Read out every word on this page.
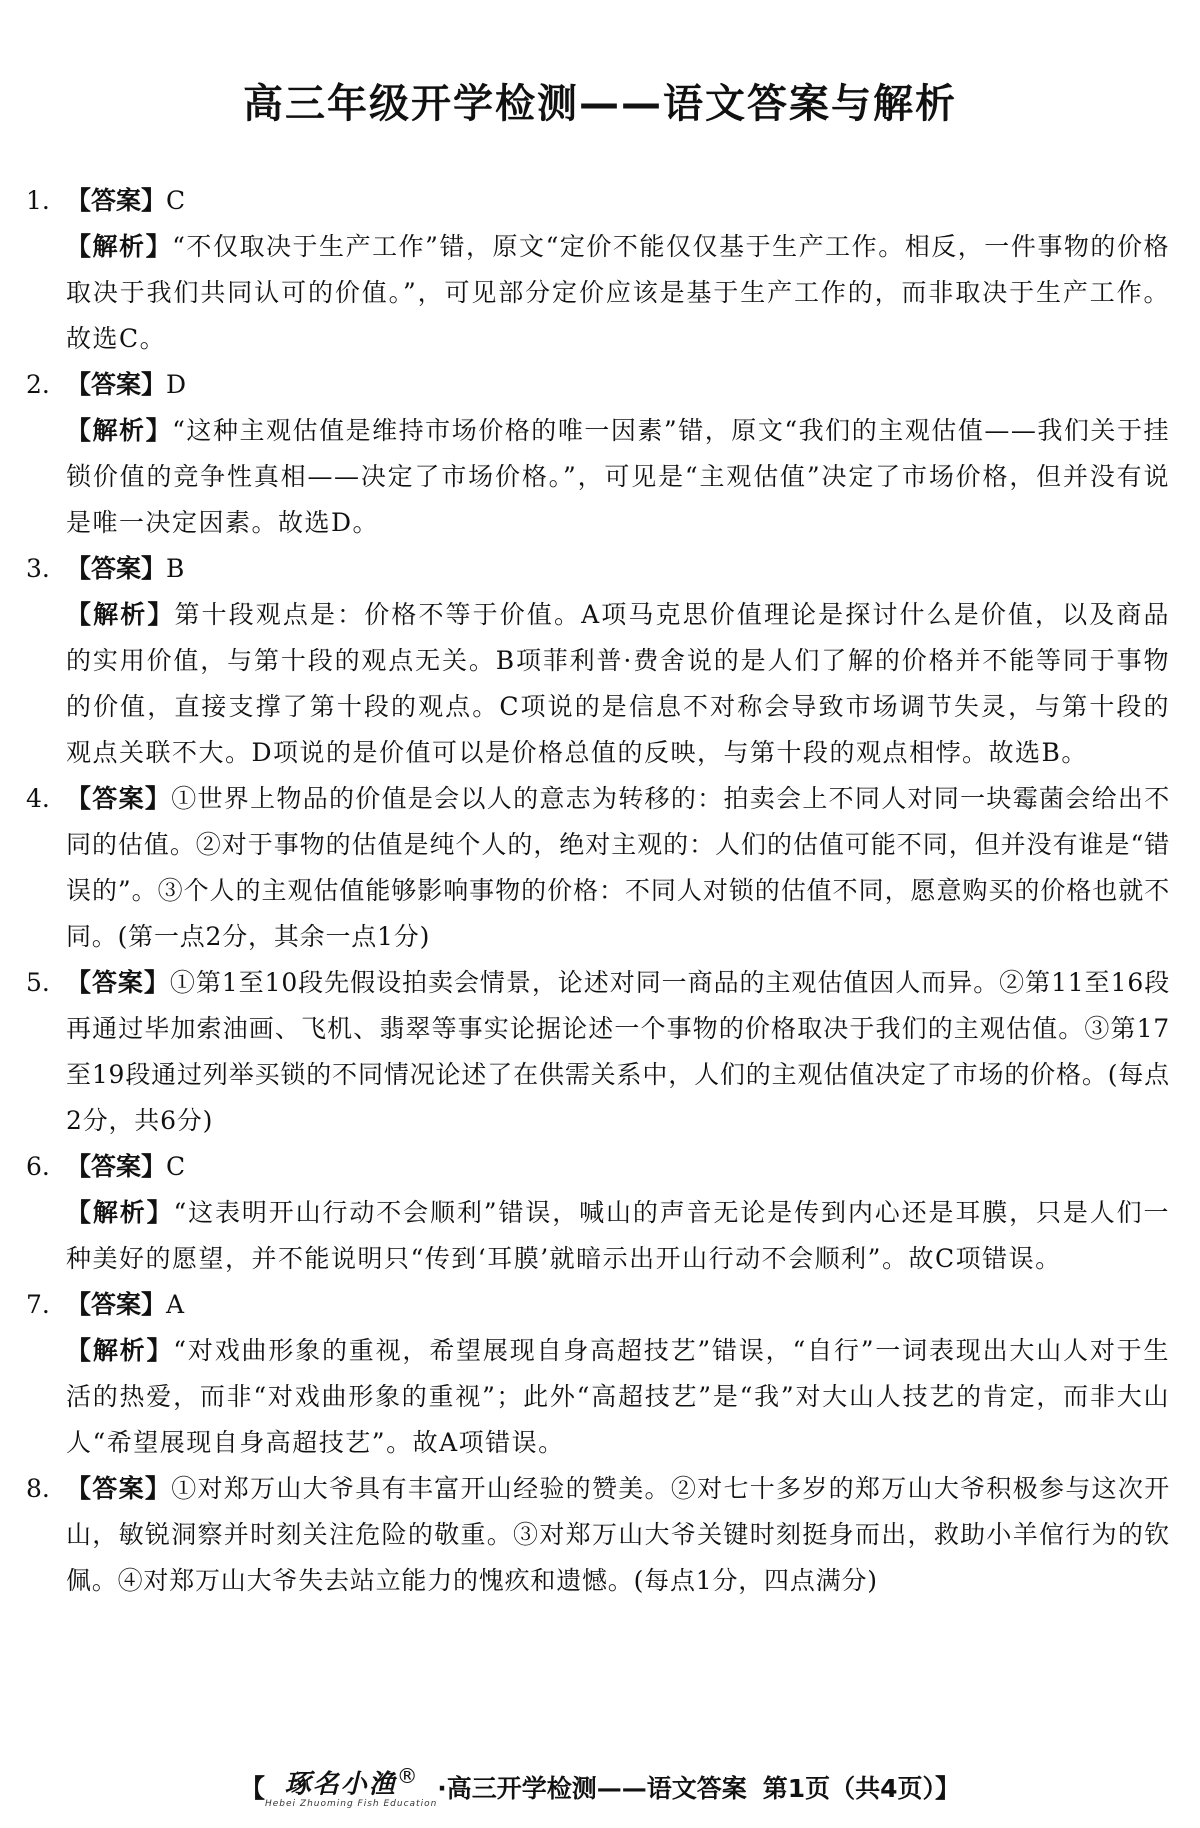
高三年级开学检测——语文答案与解析
1. 【答案】C
【解析】“不仅取决于生产工作”错，原文“定价不能仅仅基于生产工作。相反，一件事物的价格取决于我们共同认可的价值。”，可见部分定价应该是基于生产工作的，而非取决于生产工作。故选C。
2. 【答案】D
【解析】“这种主观估值是维持市场价格的唯一因素”错，原文“我们的主观估值——我们关于挂锁价值的竞争性真相——决定了市场价格。”，可见是“主观估值”决定了市场价格，但并没有说是唯一决定因素。故选D。
3. 【答案】B
【解析】第十段观点是：价格不等于价值。A项马克思价值理论是探讨什么是价值，以及商品的实用价值，与第十段的观点无关。B项菲利普·费舍说的是人们了解的价格并不能等同于事物的价值，直接支撑了第十段的观点。C项说的是信息不对称会导致市场调节失灵，与第十段的观点关联不大。D项说的是价值可以是价格总值的反映，与第十段的观点相悖。故选B。
4. 【答案】①世界上物品的价值是会以人的意志为转移的：拍卖会上不同人对同一块霉菌会给出不同的估值。②对于事物的估值是纯个人的，绝对主观的：人们的估值可能不同，但并没有谁是“错误的”。③个人的主观估值能够影响事物的价格：不同人对锁的估值不同，愿意购买的价格也就不同。(第一点2分，其余一点1分)
5. 【答案】①第1至10段先假设拍卖会情景，论述对同一商品的主观估值因人而异。②第11至16段再通过毕加索油画、飞机、翡翠等事实论据论述一个事物的价格取决于我们的主观估值。③第17至19段通过列举买锁的不同情况论述了在供需关系中，人们的主观估值决定了市场的价格。(每点2分，共6分)
6. 【答案】C
【解析】“这表明开山行动不会顺利”错误，喊山的声音无论是传到内心还是耳膜，只是人们一种美好的愿望，并不能说明只“传到‘耳膜’就暗示出开山行动不会顺利”。故C项错误。
7. 【答案】A
【解析】“对戏曲形象的重视，希望展现自身高超技艺”错误，“自行”一词表现出大山人对于生活的热爱，而非“对戏曲形象的重视”；此外“高超技艺”是“我”对大山人技艺的肯定，而非大山人“希望展现自身高超技艺”。故A项错误。
8. 【答案】①对郑万山大爷具有丰富开山经验的赞美。②对七十多岁的郑万山大爷积极参与这次开山，敏锐洞察并时刻关注危险的敬重。③对郑万山大爷关键时刻挺身而出，救助小羊倌行为的钦佩。④对郑万山大爷失去站立能力的愧疚和遗憾。(每点1分，四点满分)
【 琢名小渔®
Hebei Zhuoming Fish Education
·高三开学检测——语文答案 第1页（共4页）】
